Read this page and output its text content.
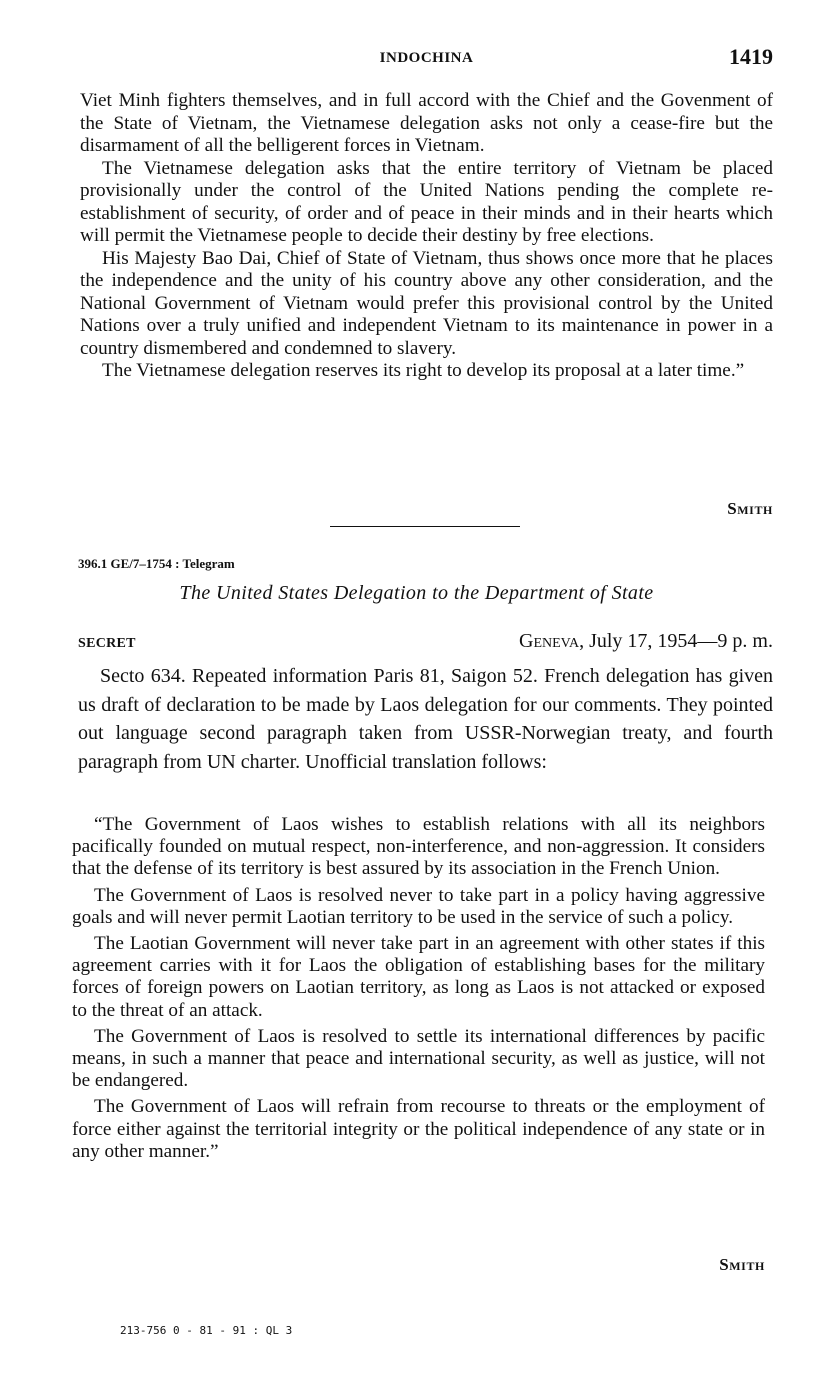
INDOCHINA	1419

Viet Minh fighters themselves, and in full accord with the Chief and the Govenment of the State of Vietnam, the Vietnamese delegation asks not only a cease-fire but the disarmament of all the belligerent forces in Vietnam.

The Vietnamese delegation asks that the entire territory of Vietnam be placed provisionally under the control of the United Nations pending the complete re-establishment of security, of order and of peace in their minds and in their hearts which will permit the Vietnamese people to decide their destiny by free elections.

His Majesty Bao Dai, Chief of State of Vietnam, thus shows once more that he places the independence and the unity of his country above any other consideration, and the National Government of Vietnam would prefer this provisional control by the United Nations over a truly unified and independent Vietnam to its maintenance in power in a country dismembered and condemned to slavery.

The Vietnamese delegation reserves its right to develop its proposal at a later time.”

Smith
396.1 GE/7–1754 : Telegram
The United States Delegation to the Department of State
SECRET	Geneva, July 17, 1954—9 p. m.

Secto 634. Repeated information Paris 81, Saigon 52. French delegation has given us draft of declaration to be made by Laos delegation for our comments. They pointed out language second paragraph taken from USSR-Norwegian treaty, and fourth paragraph from UN charter. Unofficial translation follows:

“The Government of Laos wishes to establish relations with all its neighbors pacifically founded on mutual respect, non-interference, and non-aggression. It considers that the defense of its territory is best assured by its association in the French Union.

The Government of Laos is resolved never to take part in a policy having aggressive goals and will never permit Laotian territory to be used in the service of such a policy.

The Laotian Government will never take part in an agreement with other states if this agreement carries with it for Laos the obligation of establishing bases for the military forces of foreign powers on Laotian territory, as long as Laos is not attacked or exposed to the threat of an attack.

The Government of Laos is resolved to settle its international differences by pacific means, in such a manner that peace and international security, as well as justice, will not be endangered.

The Government of Laos will refrain from recourse to threats or the employment of force either against the territorial integrity or the political independence of any state or in any other manner.”

Smith
213-756 0 - 81 - 91 : QL 3
